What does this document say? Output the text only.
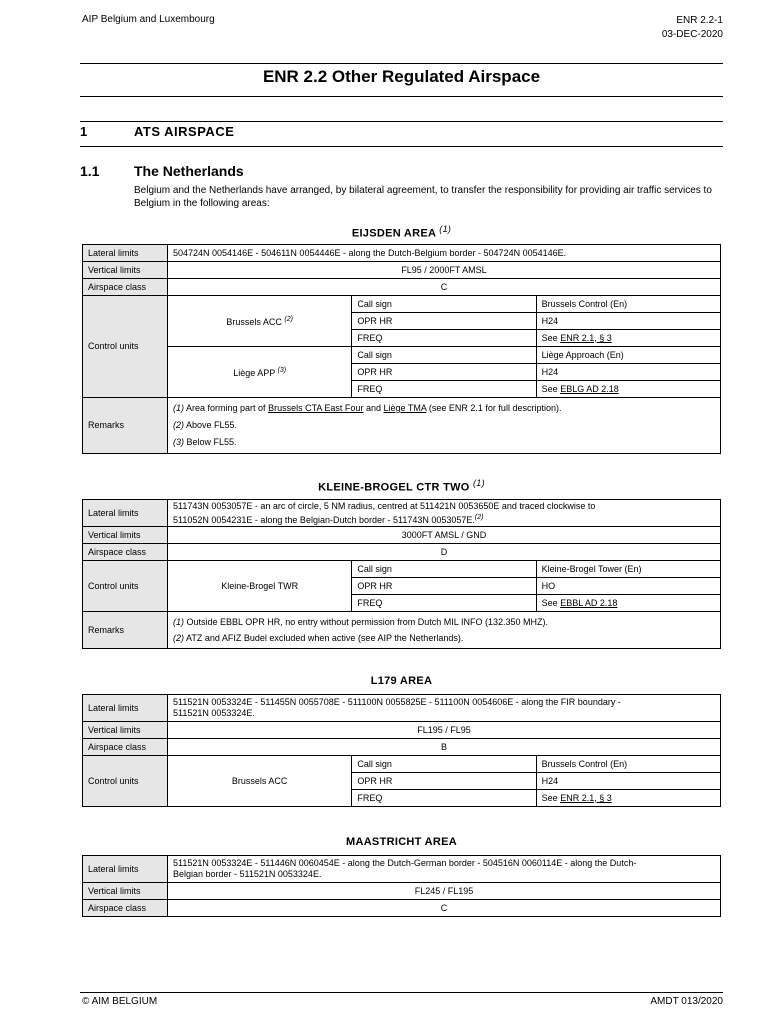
AIP Belgium and Luxembourg	ENR 2.2-1
03-DEC-2020
ENR 2.2 Other Regulated Airspace
1	ATS AIRSPACE
1.1 The Netherlands
Belgium and the Netherlands have arranged, by bilateral agreement, to transfer the responsibility for providing air traffic services to Belgium in the following areas:
EIJSDEN AREA $^{(1)}$
Lateral limits	504724N 0054146E - 504611N 0054446E - along the Dutch-Belgium border - 504724N 0054146E.		
Vertical limits	FL95 / 2000FT AMSL		
Airspace class	C		
Control units	Brussels ACC $^{(2)}$	Call sign	Brussels Control (En)
		OPR HR	H24
		FREQ	See ENR 2.1, § 3
	Liège APP $^{(3)}$	Call sign	Liège Approach (En)
		OPR HR	H24
		FREQ	See EBLG AD 2.18
Remarks	(1) Area forming part of Brussels CTA East Four and Liège TMA (see ENR 2.1 for full description).
(2) Above FL55.
(3) Below FL55.		
KLEINE-BROGEL CTR TWO $^{(1)}$
Lateral limits	511743N 0053057E - an arc of circle, 5 NM radius, centred at 511421N 0053650E and traced clockwise to
511052N 0054231E - along the Belgian-Dutch border - 511743N 0053057E.$^{(2)}$

Vertical limits	3000FT AMSL / GND		
Airspace class	D		
Control units	Kleine-Brogel TWR	Call sign	Kleine-Brogel Tower (En)
		OPR HR	HO
		FREQ	See EBBL AD 2.18
Remarks	(1) Outside EBBL OPR HR, no entry without permission from Dutch MIL INFO (132.350 MHZ).
(2) ATZ and AFIZ Budel excluded when active (see AIP the Netherlands).		
L179 AREA
Lateral limits	511521N 0053324E - 511455N 0055708E - 511100N 0055825E - 511100N 0054606E - along the FIR boundary -
511521N 0053324E.		

Vertical limits	FL195 / FL95		
Airspace class	B		
Control units	Brussels ACC	Call sign	Brussels Control (En)
		OPR HR	H24
		FREQ	See ENR 2.1, § 3
MAASTRICHT AREA
Lateral limits	511521N 0053324E - 511446N 0060454E - along the Dutch-German border - 504516N 0060114E - along the Dutch-
Belgian border - 511521N 0053324E.

Vertical limits	FL245 / FL195
Airspace class	C
© AIM BELGIUM	AMDT 013/2020
